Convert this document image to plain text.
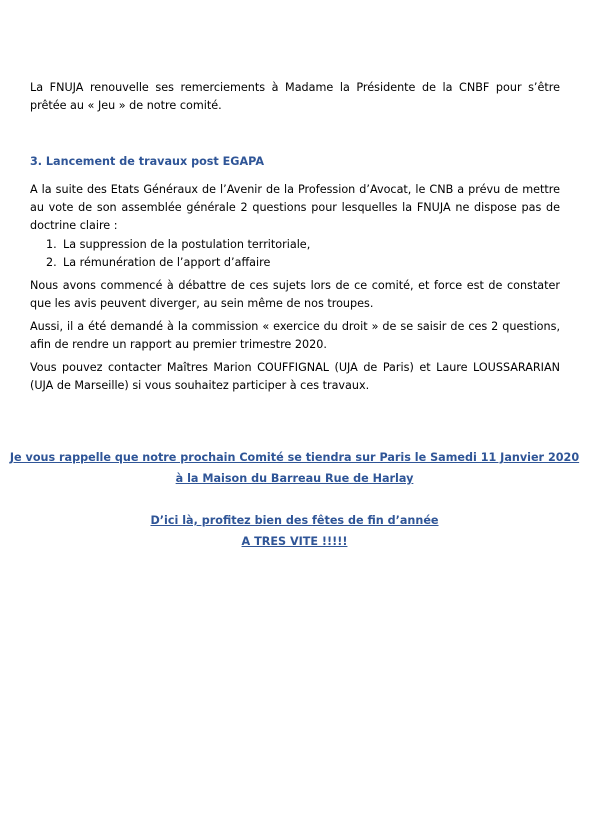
La FNUJA renouvelle ses remerciements à Madame la Présidente de la CNBF pour s’être prêtée au « Jeu » de notre comité.

3. Lancement de travaux post EGAPA

A la suite des Etats Généraux de l’Avenir de la Profession d’Avocat, le CNB a prévu de mettre au vote de son assemblée générale 2 questions pour lesquelles la FNUJA ne dispose pas de doctrine claire :

1. La suppression de la postulation territoriale,
2. La rémunération de l’apport d’affaire

Nous avons commencé à débattre de ces sujets lors de ce comité, et force est de constater que les avis peuvent diverger, au sein même de nos troupes.

Aussi, il a été demandé à la commission « exercice du droit » de se saisir de ces 2 questions, afin de rendre un rapport au premier trimestre 2020.

Vous pouvez contacter Maîtres Marion COUFFIGNAL (UJA de Paris) et Laure LOUSSARARIAN (UJA de Marseille) si vous souhaitez participer à ces travaux.

Je vous rappelle que notre prochain Comité se tiendra sur Paris le Samedi 11 Janvier 2020

à la Maison du Barreau Rue de Harlay

D’ici là, profitez bien des fêtes de fin d’année

A TRES VITE !!!!!
